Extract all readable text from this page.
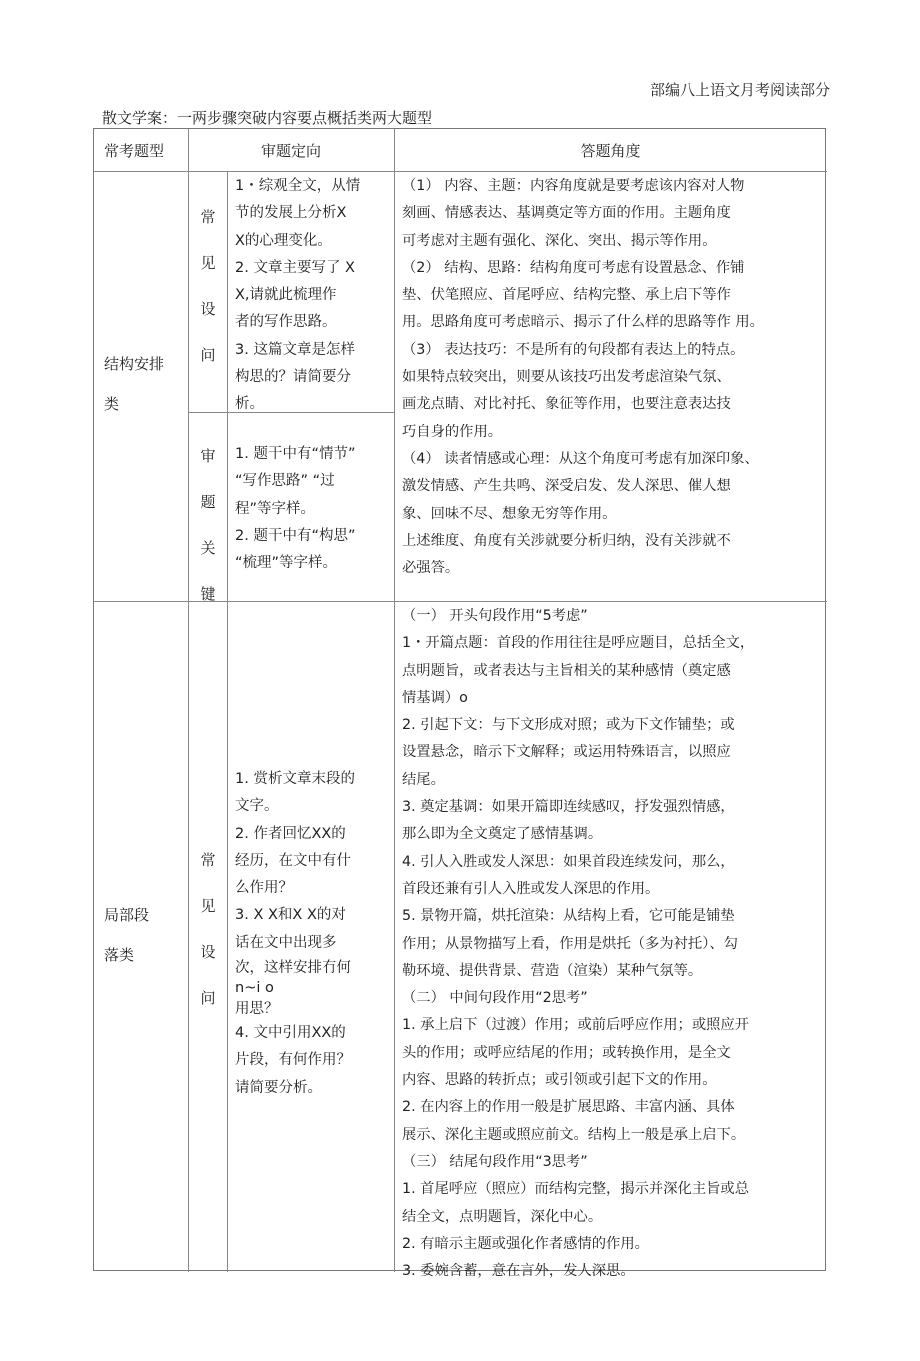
部编八上语文月考阅读部分
散文学案：一两步骤突破内容要点概括类两大题型
常考题型	审题定向	答题角度
结构安排
类
常
见
设
问
1・综观全文，从情
节的发展上分析X
X的心理变化。
2. 文章主要写了 X
X,请就此梳理作
者的写作思路。
3. 这篇文章是怎样
构思的？请简要分
析。
审
题
关
键
1. 题干中有“情节”
“写作思路” “过
程”等字样。
2. 题干中有“构思”
“梳理”等字样。
（1） 内容、主题：内容角度就是要考虑该内容对人物
刻画、情感表达、基调奠定等方面的作用。主题角度
可考虑对主题有强化、深化、突出、揭示等作用。
（2） 结构、思路：结构角度可考虑有设置悬念、作铺
垫、伏笔照应、首尾呼应、结构完整、承上启下等作
用。思路角度可考虑暗示、揭示了什么样的思路等作 用。
（3） 表达技巧：不是所有的句段都有表达上的特点。
如果特点较突出，则要从该技巧出发考虑渲染气氛、
画龙点睛、对比衬托、象征等作用，也要注意表达技
巧自身的作用。
（4） 读者情感或心理：从这个角度可考虑有加深印象、
激发情感、产生共鸣、深受启发、发人深思、催人想
象、回味不尽、想象无穷等作用。
上述维度、角度有关涉就要分析归纳，没有关涉就不
必强答。
局部段
落类
常
见
设
问
1. 赏析文章末段的
文字。
2. 作者回忆XX的
经历，在文中有什
么作用？
3. X X和X X的对
话在文中出现多
次，这样安排冇何
n~i o
用思？
4. 文中引用XX的
片段，有何作用？
请简要分析。
（一） 开头句段作用“5考虑”
1・开篇点题：首段的作用往往是呼应题目，总括全文，
点明题旨，或者表达与主旨相关的某种感情（奠定感
情基调）o
2. 引起下文：与下文形成对照；或为下文作铺垫；或
设置悬念，暗示下文解释；或运用特殊语言，以照应
结尾。
3. 奠定基调：如果开篇即连续感叹，抒发强烈情感，
那么即为全文奠定了感情基调。
4. 引人入胜或发人深思：如果首段连续发问，那么，
首段还兼有引人入胜或发人深思的作用。
5. 景物开篇，烘托渲染：从结构上看，它可能是铺垫
作用；从景物描写上看，作用是烘托（多为衬托）、勾
勒环境、提供背景、营造（渲染）某种气氛等。
（二） 中间句段作用“2思考”
1. 承上启下（过渡）作用；或前后呼应作用；或照应开
头的作用；或呼应结尾的作用；或转换作用，是全文
内容、思路的转折点；或引领或引起下文的作用。
2. 在内容上的作用一般是扩展思路、丰富内涵、具体
展示、深化主题或照应前文。结构上一般是承上启下。
（三） 结尾句段作用“3思考”
1. 首尾呼应（照应）而结构完整，揭示并深化主旨或总
结全文，点明题旨，深化中心。
2. 有暗示主题或强化作者感情的作用。
3. 委婉含蓄，意在言外，发人深思。
